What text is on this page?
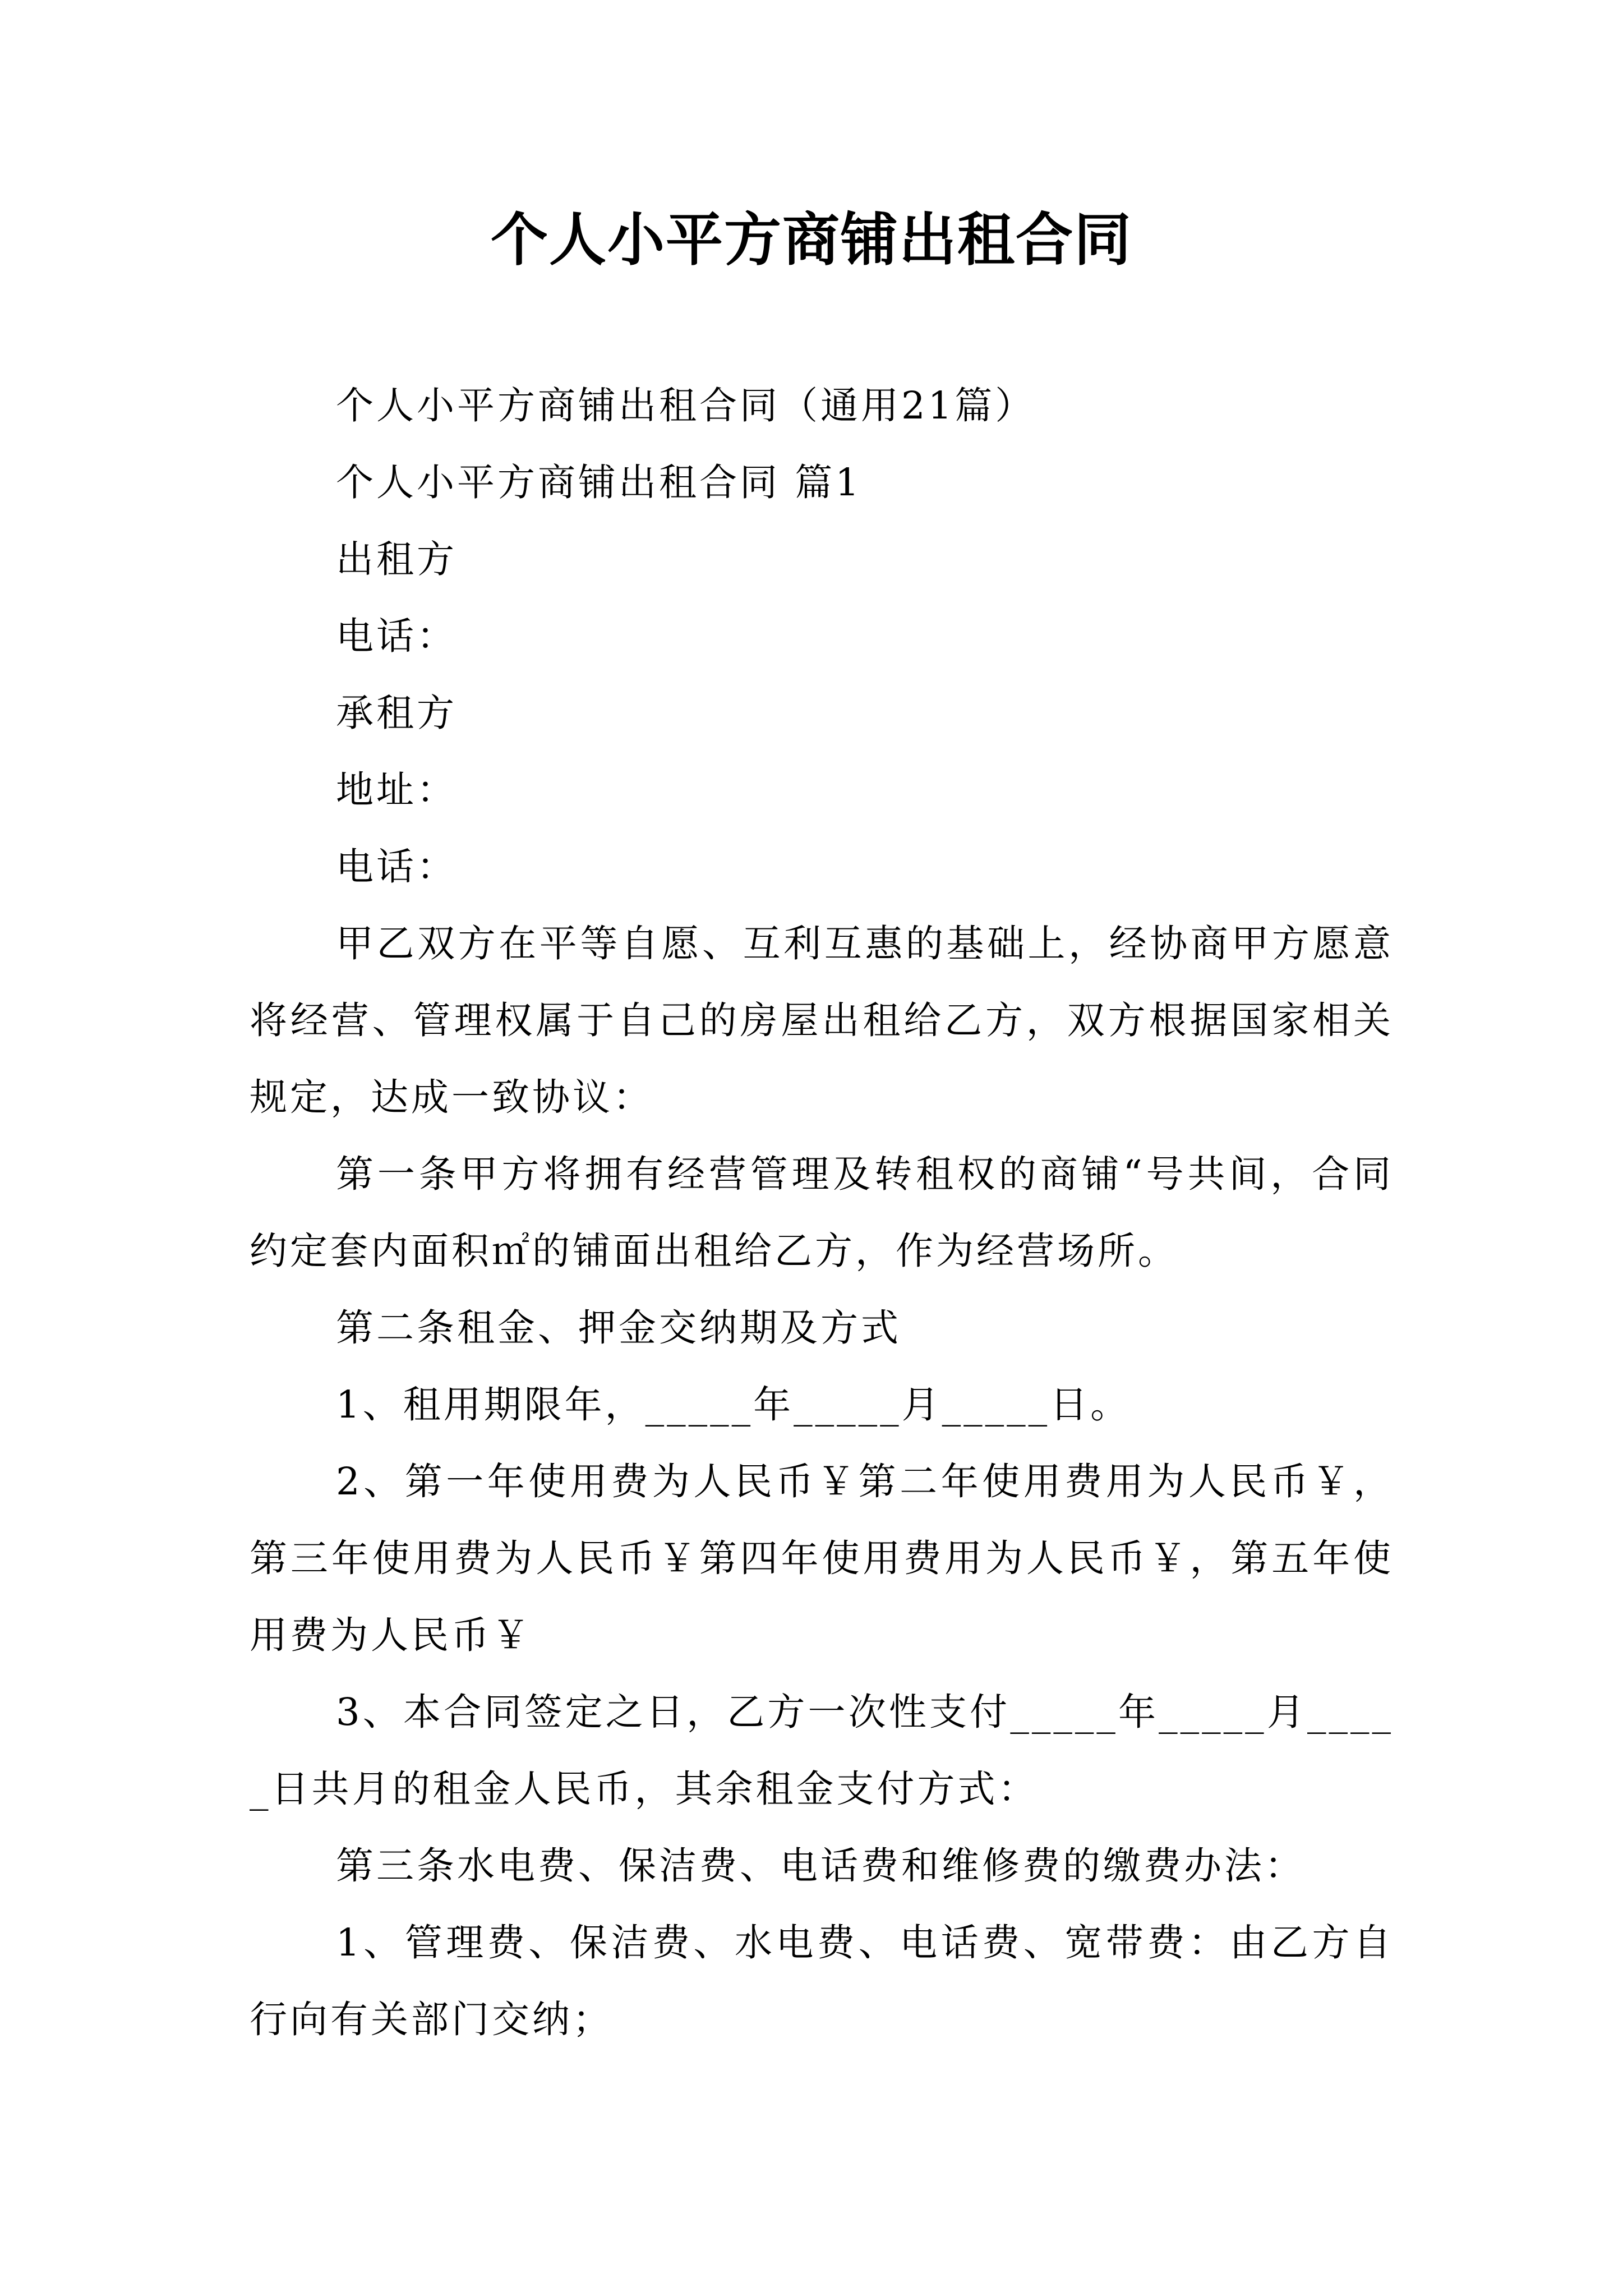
个人小平方商铺出租合同

个人小平方商铺出租合同（通用21篇）

个人小平方商铺出租合同 篇1

出租方

电话：

承租方

地址：

电话：

甲乙双方在平等自愿、互利互惠的基础上，经协商甲方愿意将经营、管理权属于自己的房屋出租给乙方，双方根据国家相关规定，达成一致协议：

第一条甲方将拥有经营管理及转租权的商铺“号共间，合同约定套内面积㎡的铺面出租给乙方，作为经营场所。

第二条租金、押金交纳期及方式

1、租用期限年，_____年_____月_____日。

2、第一年使用费为人民币￥第二年使用费用为人民币￥，第三年使用费为人民币￥第四年使用费用为人民币￥，第五年使用费为人民币￥

3、本合同签定之日，乙方一次性支付_____年_____月_____日共月的租金人民币，其余租金支付方式：

第三条水电费、保洁费、电话费和维修费的缴费办法：

1、管理费、保洁费、水电费、电话费、宽带费：由乙方自行向有关部门交纳；
